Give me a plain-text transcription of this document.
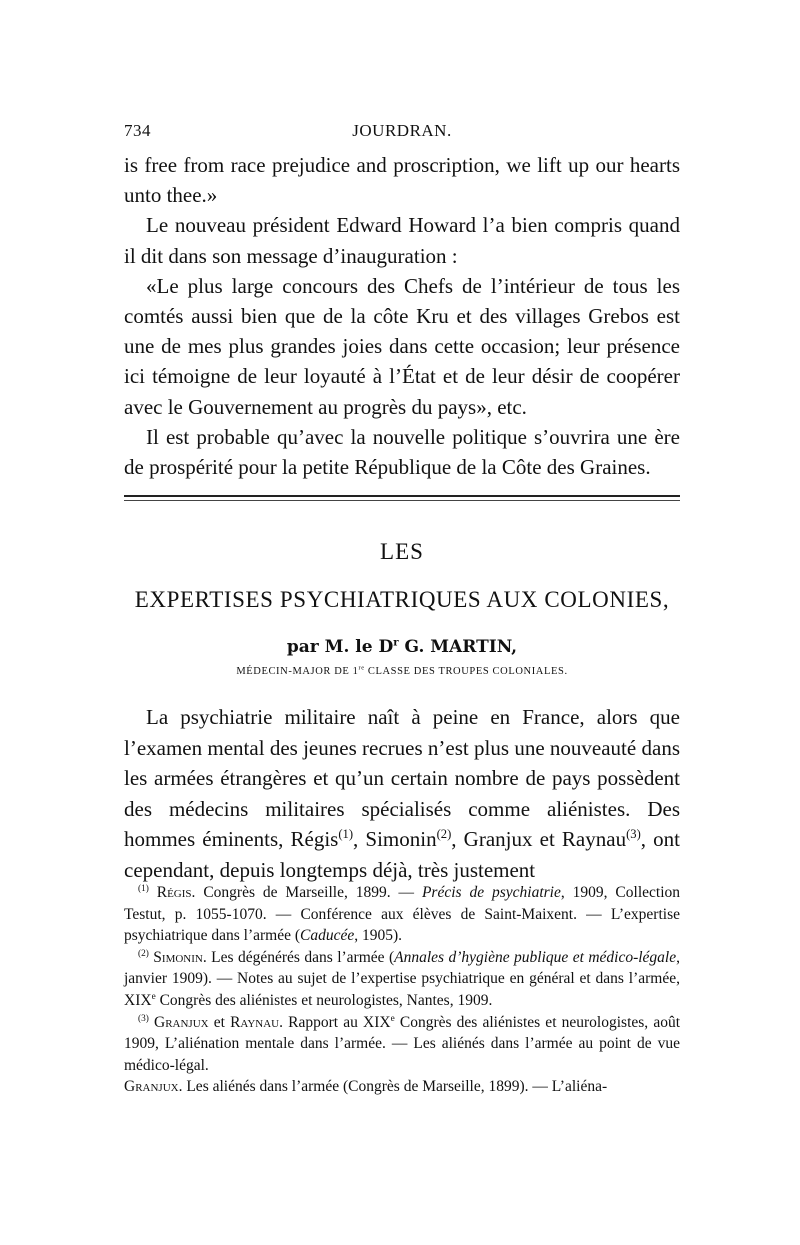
734	JOURDRAN.

is free from race prejudice and proscription, we lift up our hearts unto thee.»

Le nouveau président Edward Howard l’a bien compris quand il dit dans son message d’inauguration :

«Le plus large concours des Chefs de l’intérieur de tous les comtés aussi bien que de la côte Kru et des villages Grebos est une de mes plus grandes joies dans cette occasion; leur présence ici témoigne de leur loyauté à l’État et de leur désir de coopérer avec le Gouvernement au progrès du pays», etc.

Il est probable qu’avec la nouvelle politique s’ouvrira une ère de prospérité pour la petite République de la Côte des Graines.

LES
EXPERTISES PSYCHIATRIQUES AUX COLONIES,
par M. le $D^r$ G. MARTIN,
MÉDECIN-MAJOR DE 1re CLASSE DES TROUPES COLONIALES.

La psychiatrie militaire naît à peine en France, alors que l’examen mental des jeunes recrues n’est plus une nouveauté dans les armées étrangères et qu’un certain nombre de pays possèdent des médecins militaires spécialisés comme aliénistes. Des hommes éminents, Régis$^{(1)}$, Simonin$^{(2)}$, Granjux et Raynau$^{(3)}$, ont cependant, depuis longtemps déjà, très justement

$^{(1)}$ Régis. Congrès de Marseille, 1899. — Précis de psychiatrie, 1909, Collection Testut, p. 1055-1070. — Conférence aux élèves de Saint-Maixent. — L’expertise psychiatrique dans l’armée (Caducée, 1905).

$^{(2)}$ Simonin. Les dégénérés dans l’armée (Annales d’hygiène publique et médico-légale, janvier 1909). — Notes au sujet de l’expertise psychiatrique en général et dans l’armée, XIXe Congrès des aliénistes et neurologistes, Nantes, 1909.

$^{(3)}$ Granjux et Raynau. Rapport au XIXe Congrès des aliénistes et neurologistes, août 1909, L’aliénation mentale dans l’armée. — Les aliénés dans l’armée au point de vue médico-légal.

Granjux. Les aliénés dans l’armée (Congrès de Marseille, 1899). — L’aliéna-
